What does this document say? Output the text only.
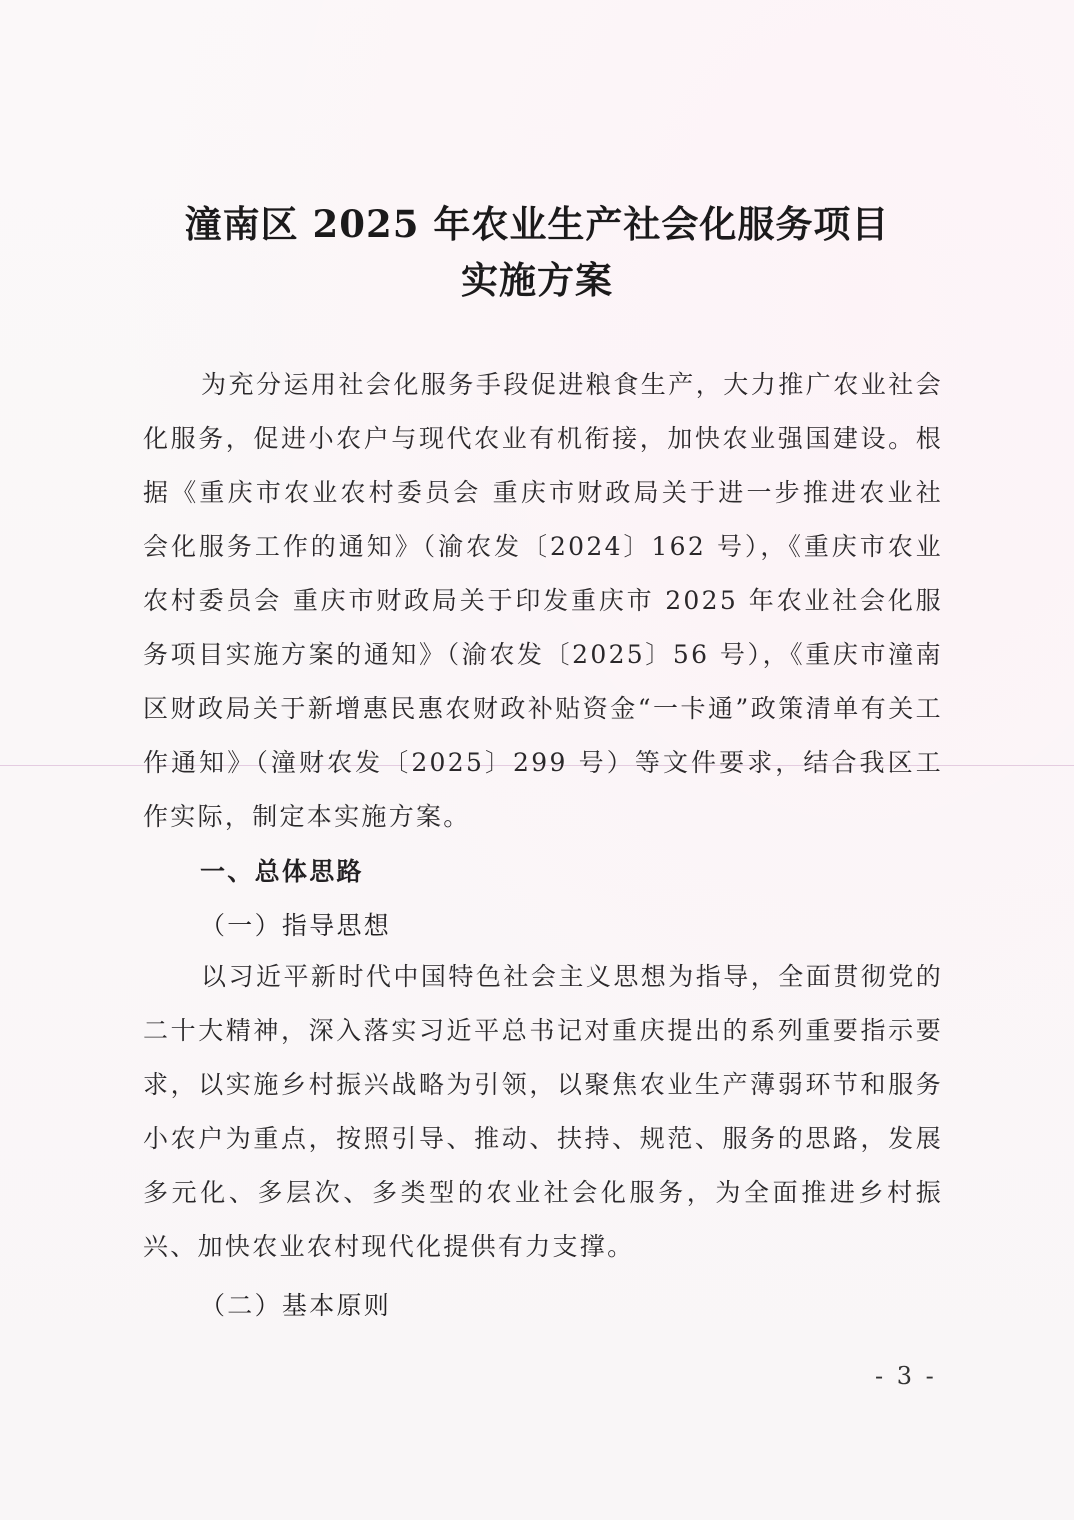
潼南区 2025 年农业生产社会化服务项目
实施方案

为充分运用社会化服务手段促进粮食生产，大力推广农业社会化服务，促进小农户与现代农业有机衔接，加快农业强国建设。根据《重庆市农业农村委员会 重庆市财政局关于进一步推进农业社会化服务工作的通知》（渝农发〔2024〕162 号），《重庆市农业农村委员会 重庆市财政局关于印发重庆市 2025 年农业社会化服务项目实施方案的通知》（渝农发〔2025〕56 号），《重庆市潼南区财政局关于新增惠民惠农财政补贴资金“一卡通”政策清单有关工作通知》（潼财农发〔2025〕299 号）等文件要求，结合我区工作实际，制定本实施方案。

一、总体思路

（一）指导思想

以习近平新时代中国特色社会主义思想为指导，全面贯彻党的二十大精神，深入落实习近平总书记对重庆提出的系列重要指示要求，以实施乡村振兴战略为引领，以聚焦农业生产薄弱环节和服务小农户为重点，按照引导、推动、扶持、规范、服务的思路，发展多元化、多层次、多类型的农业社会化服务，为全面推进乡村振兴、加快农业农村现代化提供有力支撑。

（二）基本原则

- 3 -
